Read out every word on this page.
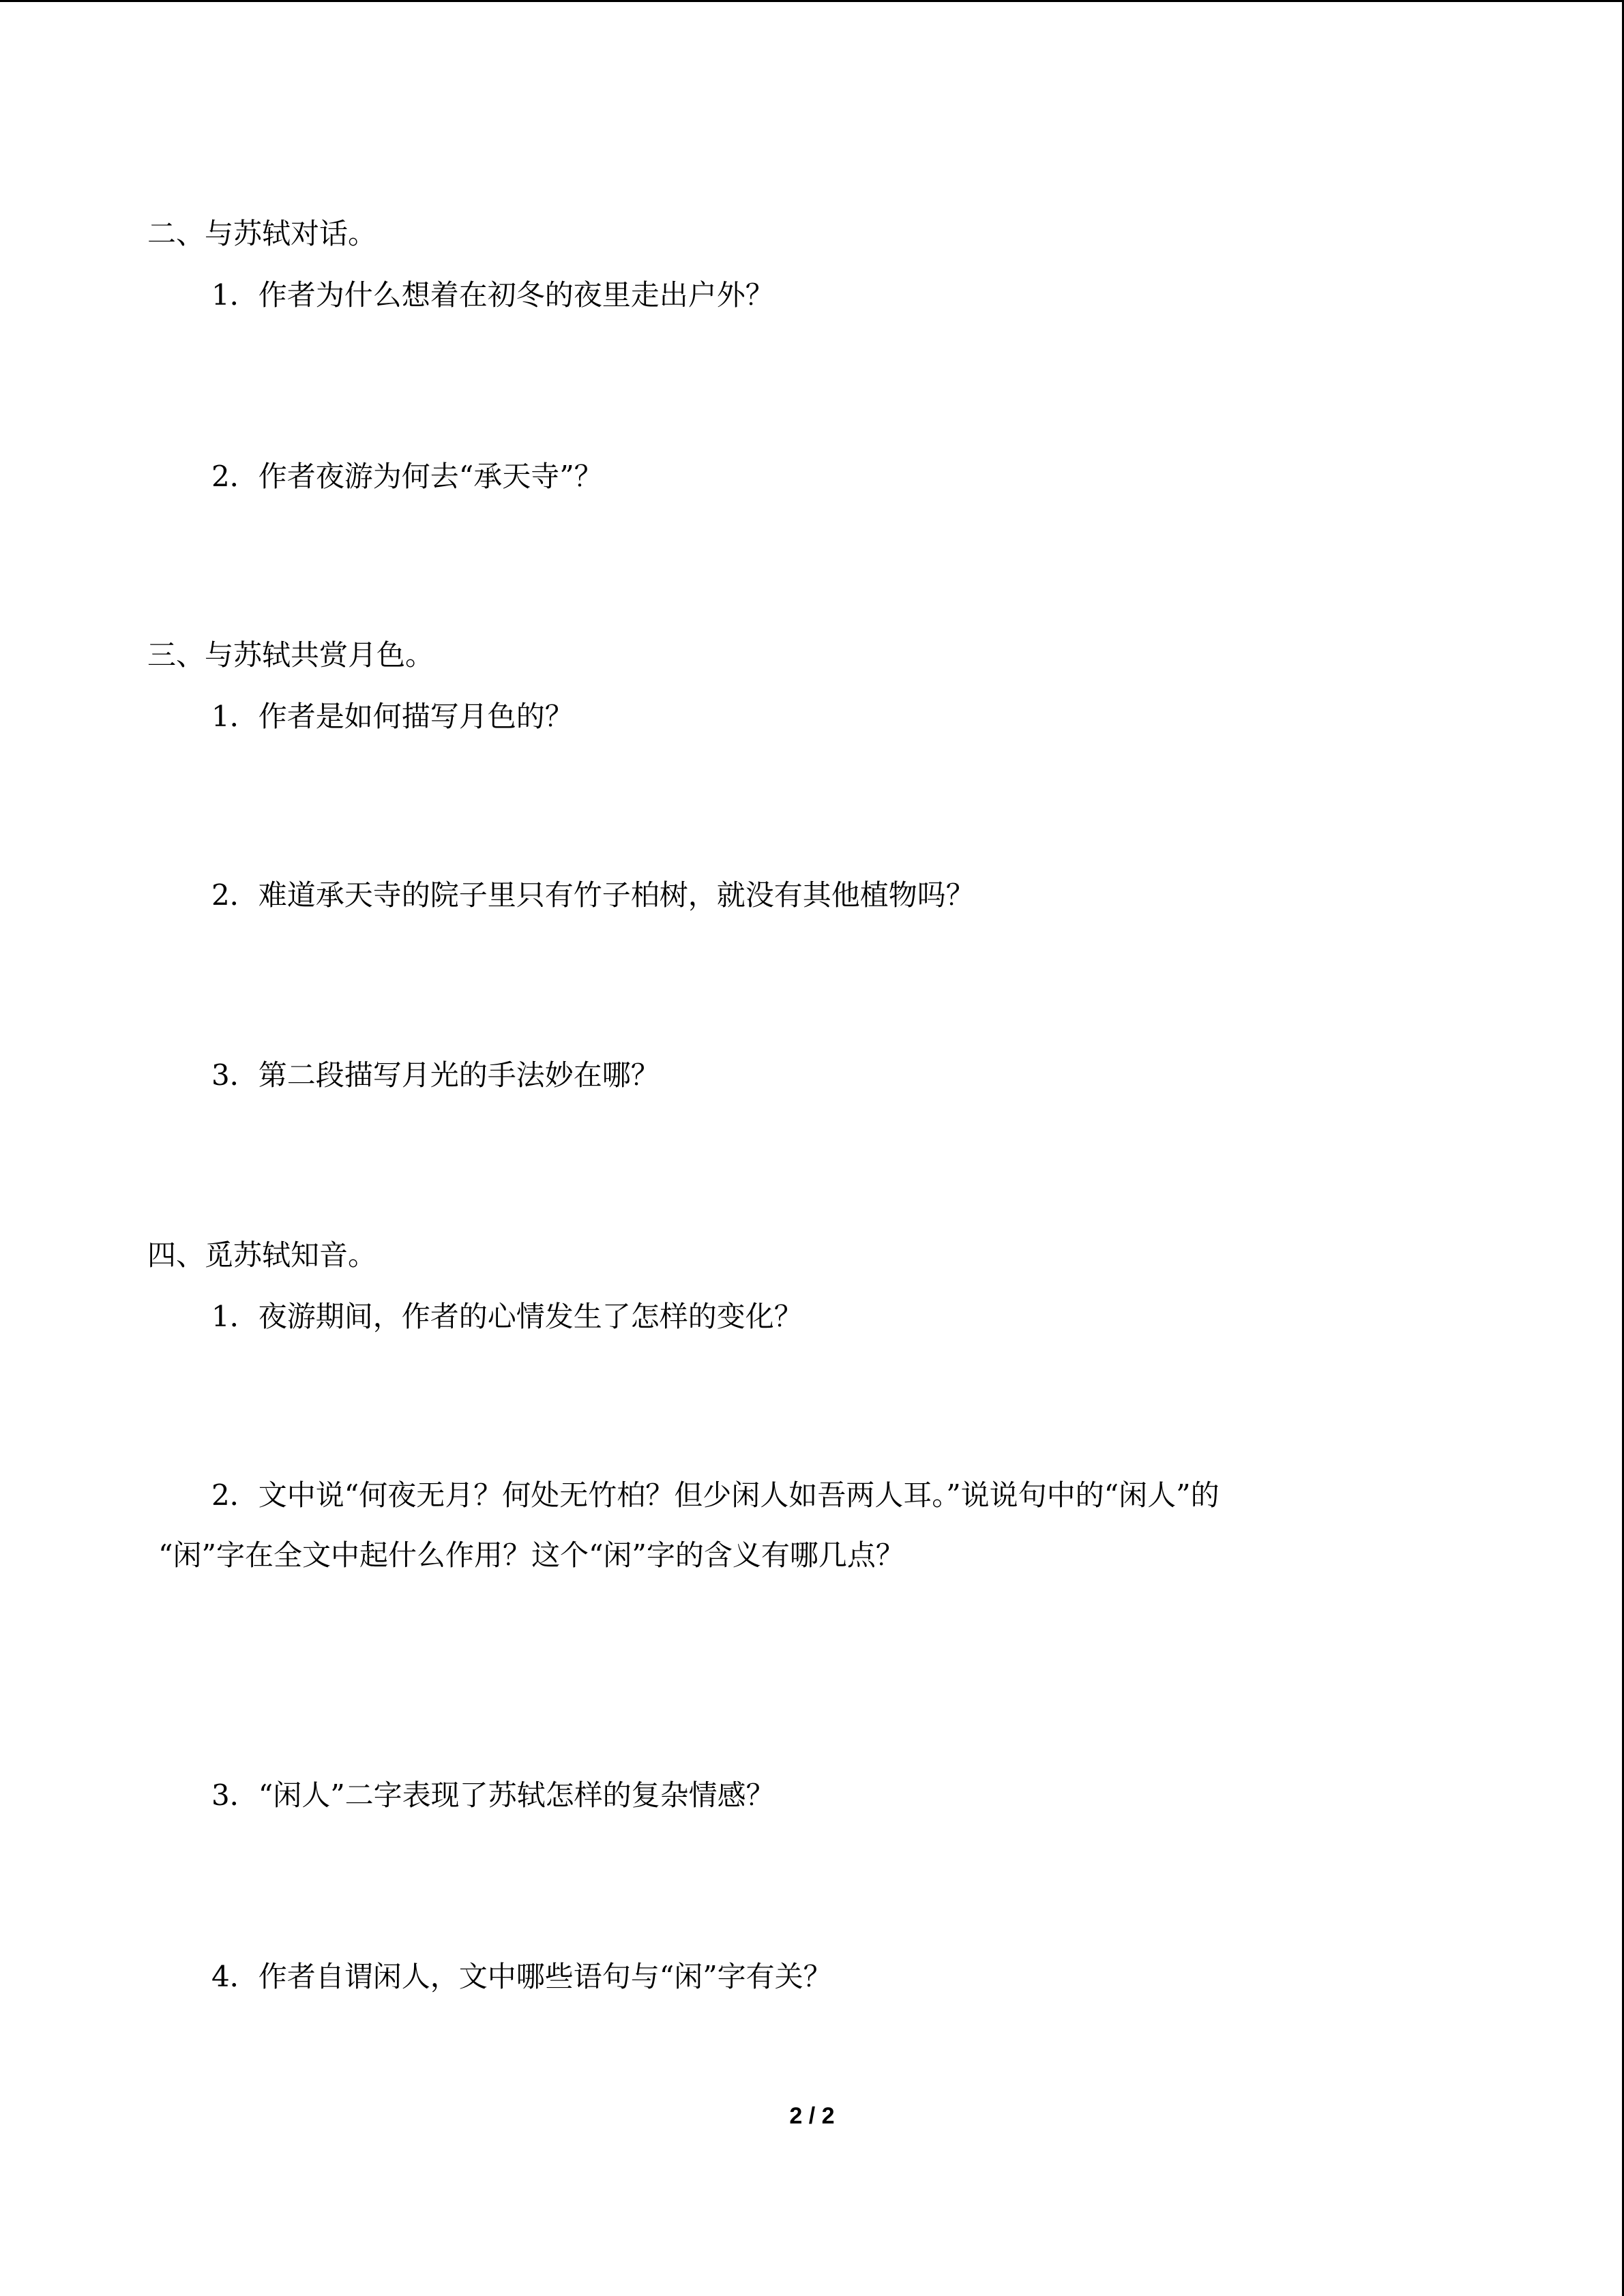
二、与苏轼对话。
1．作者为什么想着在初冬的夜里走出户外？
2．作者夜游为何去“承天寺”？
三、与苏轼共赏月色。
1．作者是如何描写月色的？
2．难道承天寺的院子里只有竹子柏树，就没有其他植物吗？
3．第二段描写月光的手法妙在哪？
四、觅苏轼知音。
1．夜游期间，作者的心情发生了怎样的变化？
2．文中说“何夜无月？何处无竹柏？但少闲人如吾两人耳。”说说句中的“闲人”的
“闲”字在全文中起什么作用？这个“闲”字的含义有哪几点？
3．“闲人”二字表现了苏轼怎样的复杂情感？
4．作者自谓闲人，文中哪些语句与“闲”字有关？
2 / 2
